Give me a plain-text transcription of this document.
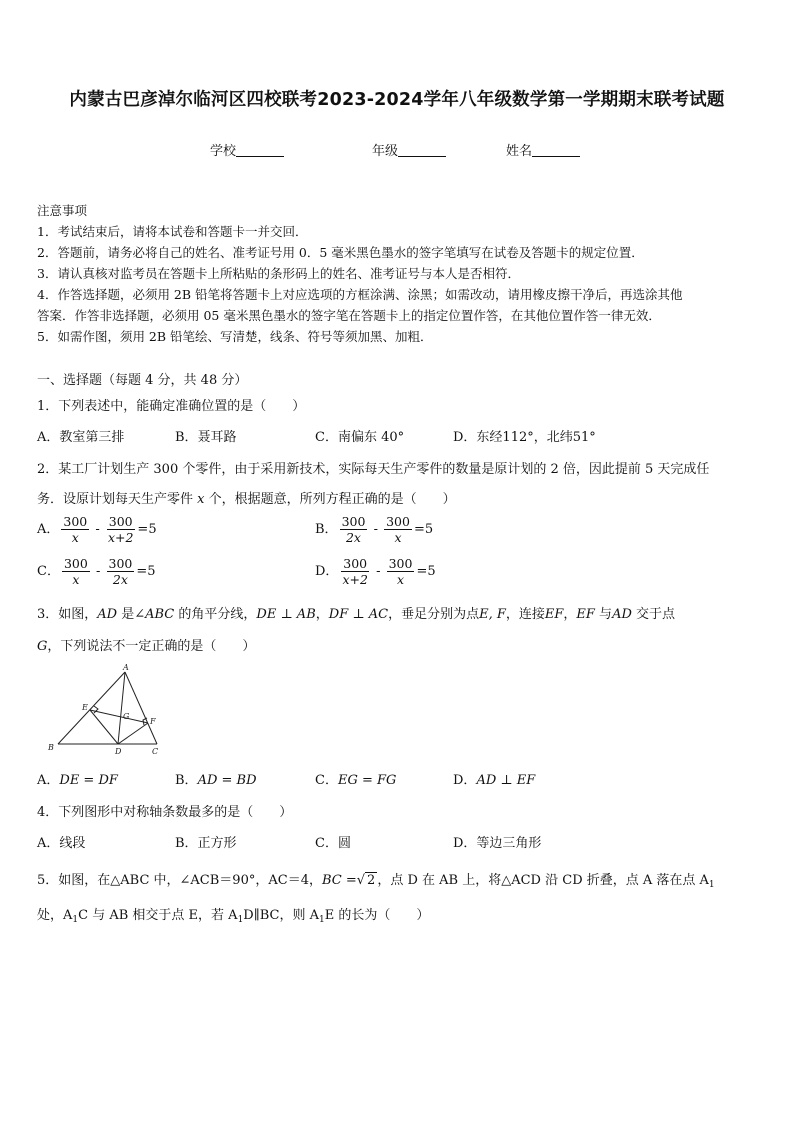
内蒙古巴彦淖尔临河区四校联考2023-2024学年八年级数学第一学期期末联考试题
学校	年级	姓名
注意事项
1．考试结束后，请将本试卷和答题卡一并交回．
2．答题前，请务必将自己的姓名、准考证号用 0．5 毫米黑色墨水的签字笔填写在试卷及答题卡的规定位置．
3．请认真核对监考员在答题卡上所粘贴的条形码上的姓名、准考证号与本人是否相符．
4．作答选择题，必须用 2B 铅笔将答题卡上对应选项的方框涂满、涂黑；如需改动，请用橡皮擦干净后，再选涂其他
答案．作答非选择题，必须用 05 毫米黑色墨水的签字笔在答题卡上的指定位置作答，在其他位置作答一律无效．
5．如需作图，须用 2B 铅笔绘、写清楚，线条、符号等须加黑、加粗．
一、选择题（每题 4 分，共 48 分）
1．下列表述中，能确定准确位置的是（　　）
A．教室第三排	B．聂耳路	C．南偏东 40°	D．东经112°，北纬51°
2．某工厂计划生产 300 个零件，由于采用新技术，实际每天生产零件的数量是原计划的 2 倍，因此提前 5 天完成任
务．设原计划每天生产零件 x 个，根据题意，所列方程正确的是（　　）
A． $\frac{300}{x} - \frac{300}{x+2} =5$	B． $\frac{300}{2x} - \frac{300}{x} =5$
C． $\frac{300}{x} - \frac{300}{2x} =5$	D． $\frac{300}{x+2} - \frac{300}{x} =5$
3．如图，AD 是∠ABC 的角平分线，DE ⊥ AB，DF ⊥ AC，垂足分别为点E, F，连接EF，EF 与AD 交于点
G，下列说法不一定正确的是（　　）
A
B	C
D
E
F
G
A．DE = DF	B．AD = BD	C．EG = FG	D．AD ⊥ EF
4．下列图形中对称轴条数最多的是（　　）
A．线段	B．正方形	C．圆	D．等边三角形
5．如图，在△ABC 中，∠ACB＝90°，AC＝4，BC =√ 2 ，点 D 在 AB 上，将△ACD 沿 CD 折叠，点 A 落在点 $A_1$
处，$A_1C$ 与 AB 相交于点 E，若 $A_1D\parallel BC$，则 $A_1E$ 的长为（　　）
